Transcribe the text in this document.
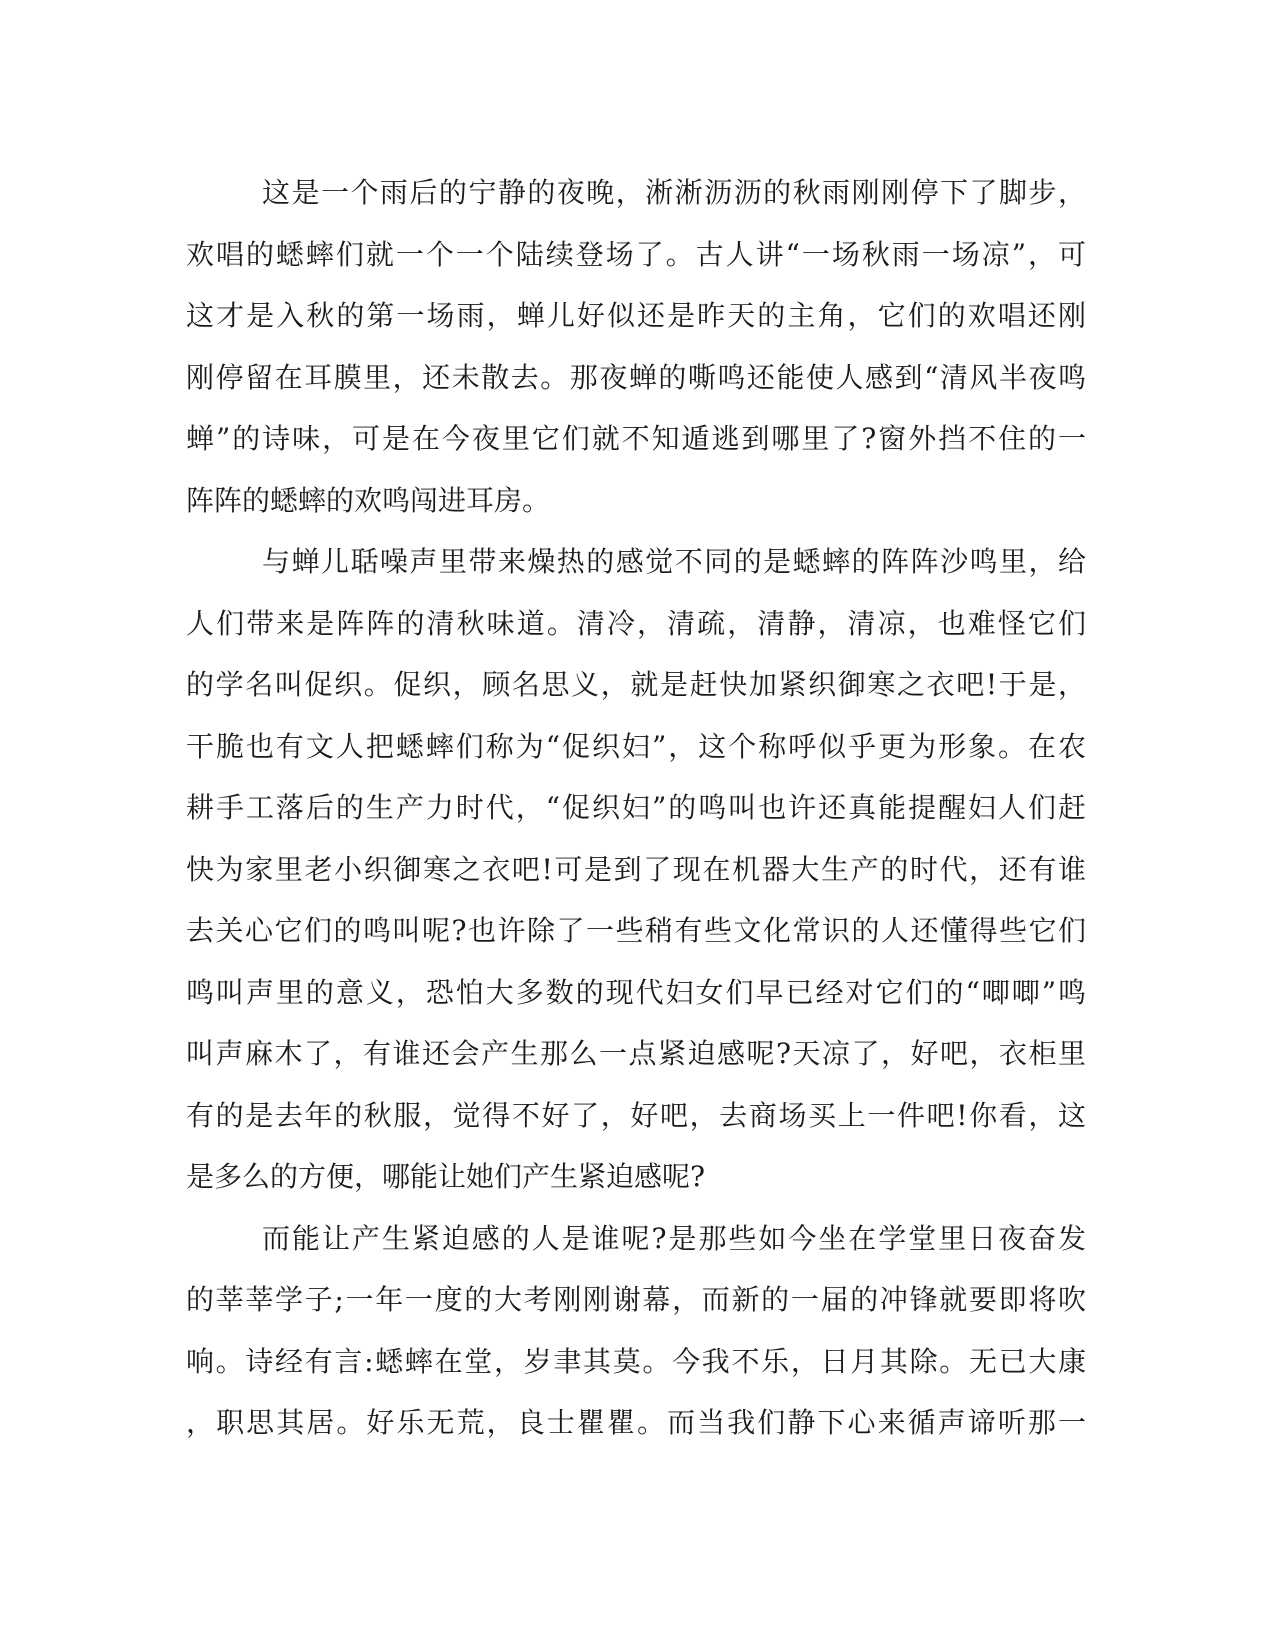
这是一个雨后的宁静的夜晚，淅淅沥沥的秋雨刚刚停下了脚步，
欢唱的蟋蟀们就一个一个陆续登场了。古人讲“一场秋雨一场凉”，可
这才是入秋的第一场雨，蝉儿好似还是昨天的主角，它们的欢唱还刚
刚停留在耳膜里，还未散去。那夜蝉的嘶鸣还能使人感到“清风半夜鸣
蝉”的诗味，可是在今夜里它们就不知遁逃到哪里了?窗外挡不住的一
阵阵的蟋蟀的欢鸣闯进耳房。
与蝉儿聒噪声里带来燥热的感觉不同的是蟋蟀的阵阵沙鸣里，给
人们带来是阵阵的清秋味道。清冷，清疏，清静，清凉，也难怪它们
的学名叫促织。促织，顾名思义，就是赶快加紧织御寒之衣吧!于是，
干脆也有文人把蟋蟀们称为“促织妇”，这个称呼似乎更为形象。在农
耕手工落后的生产力时代，“促织妇”的鸣叫也许还真能提醒妇人们赶
快为家里老小织御寒之衣吧!可是到了现在机器大生产的时代，还有谁
去关心它们的鸣叫呢?也许除了一些稍有些文化常识的人还懂得些它们
鸣叫声里的意义，恐怕大多数的现代妇女们早已经对它们的“唧唧”鸣
叫声麻木了，有谁还会产生那么一点紧迫感呢?天凉了，好吧，衣柜里
有的是去年的秋服，觉得不好了，好吧，去商场买上一件吧!你看，这
是多么的方便，哪能让她们产生紧迫感呢?
而能让产生紧迫感的人是谁呢?是那些如今坐在学堂里日夜奋发
的莘莘学子;一年一度的大考刚刚谢幕，而新的一届的冲锋就要即将吹
响。诗经有言:蟋蟀在堂，岁聿其莫。今我不乐，日月其除。无已大康
，职思其居。好乐无荒，良士瞿瞿。而当我们静下心来循声谛听那一
